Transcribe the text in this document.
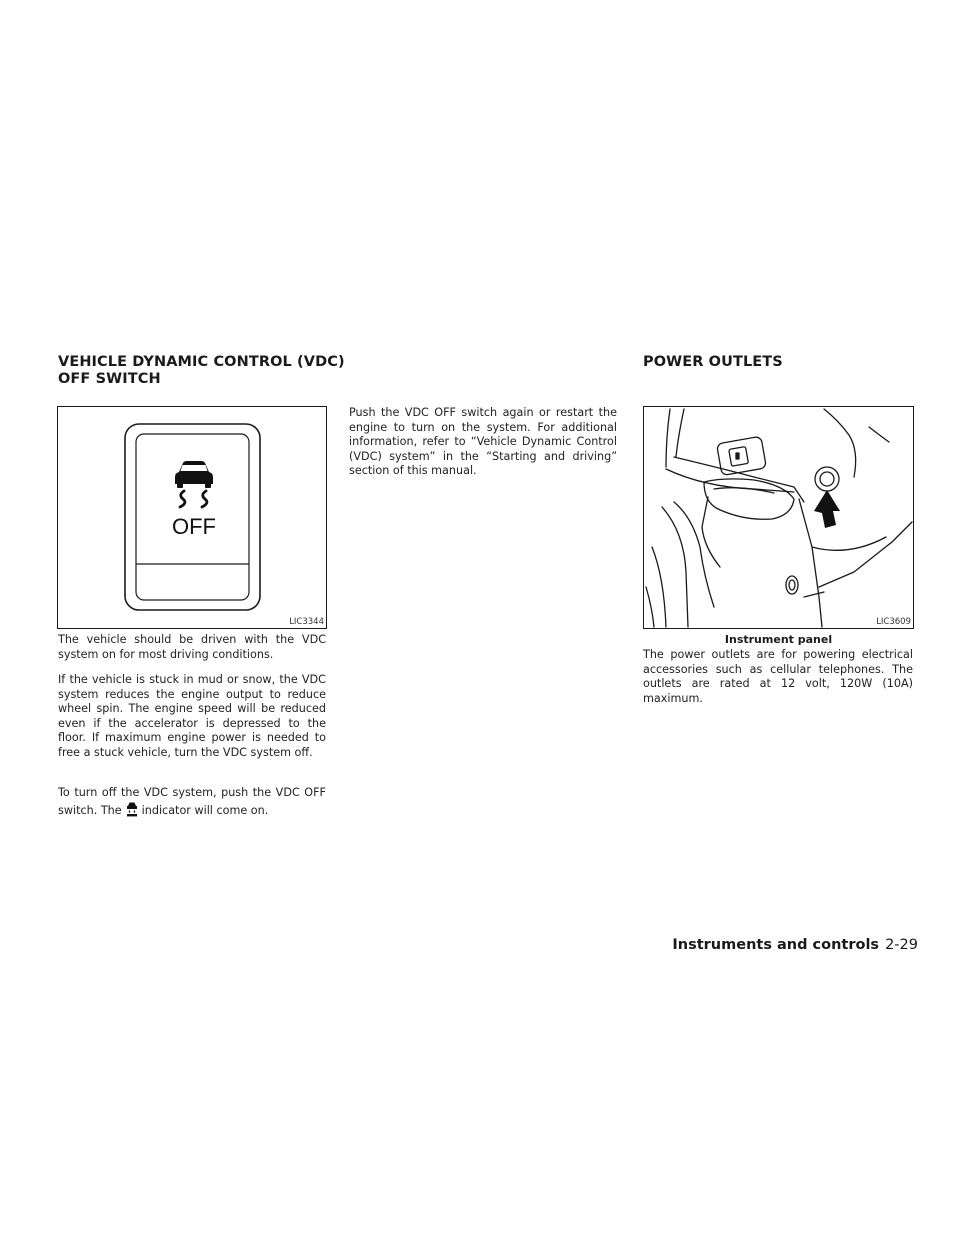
VEHICLE DYNAMIC CONTROL (VDC)
OFF SWITCH
POWER OUTLETS
OFF
LIC3344

The vehicle should be driven with the VDC system on for most driving conditions.

If the vehicle is stuck in mud or snow, the VDC system reduces the engine output to reduce wheel spin. The engine speed will be reduced even if the accelerator is depressed to the floor. If maximum engine power is needed to free a stuck vehicle, turn the VDC system off.

To turn off the VDC system, push the VDC OFF switch. The indicator will come on.

Push the VDC OFF switch again or restart the engine to turn on the system. For additional information, refer to “Vehicle Dynamic Control (VDC) system” in the “Starting and driving” section of this manual.

LIC3609
Instrument panel

The power outlets are for powering electrical accessories such as cellular telephones. The outlets are rated at 12 volt, 120W (10A) maximum.

Instruments and controls 2-29
